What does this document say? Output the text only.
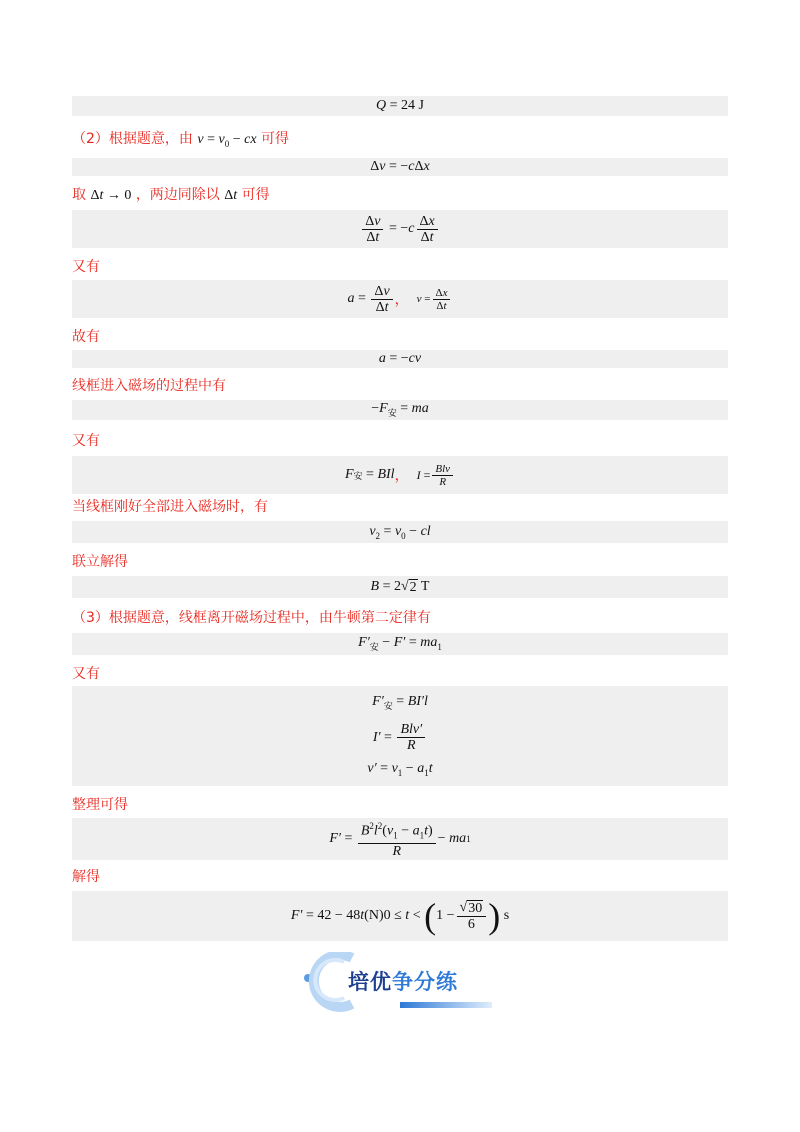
Q = 24 J
（2）根据题意，由 $v = v_0$ − cx 可得
Δv = −cΔx
取 Δt → 0 ，两边同除以 Δt 可得
$\frac{\Delta v}{\Delta t}$ = − c $\frac{\Delta x}{\Delta t}$
又有
$a = \frac{\Delta v}{\Delta t}$ ， $v = \frac{\Delta x}{\Delta t}$
故有
a = −cv
线框进入磁场的过程中有
$-F_安$ = ma
又有
F 安 = BIl ， $I = \frac{\text{Blv}}{R}$
当线框刚好全部进入磁场时，有
$v_2 = v_0$ − cl
联立解得
B = 2√ 2 T
（3）根据题意，线框离开磁场过程中，由牛顿第二定律有
$F'_安 - F' = ma_1$
又有
$F'_安 = BI'l$
$I' = \frac{\text{Blv′}}{R}$
$v' = v_1 - a_1t$
整理可得
$F' = \frac{B^2l^2(v_1 - a_1t)}{R}$ − ma 1
解得
F′ = 42 − 48 t (N)0 ≤ t < ( $1 - \frac{√ 30}{6}$ ) s
培优争分练
